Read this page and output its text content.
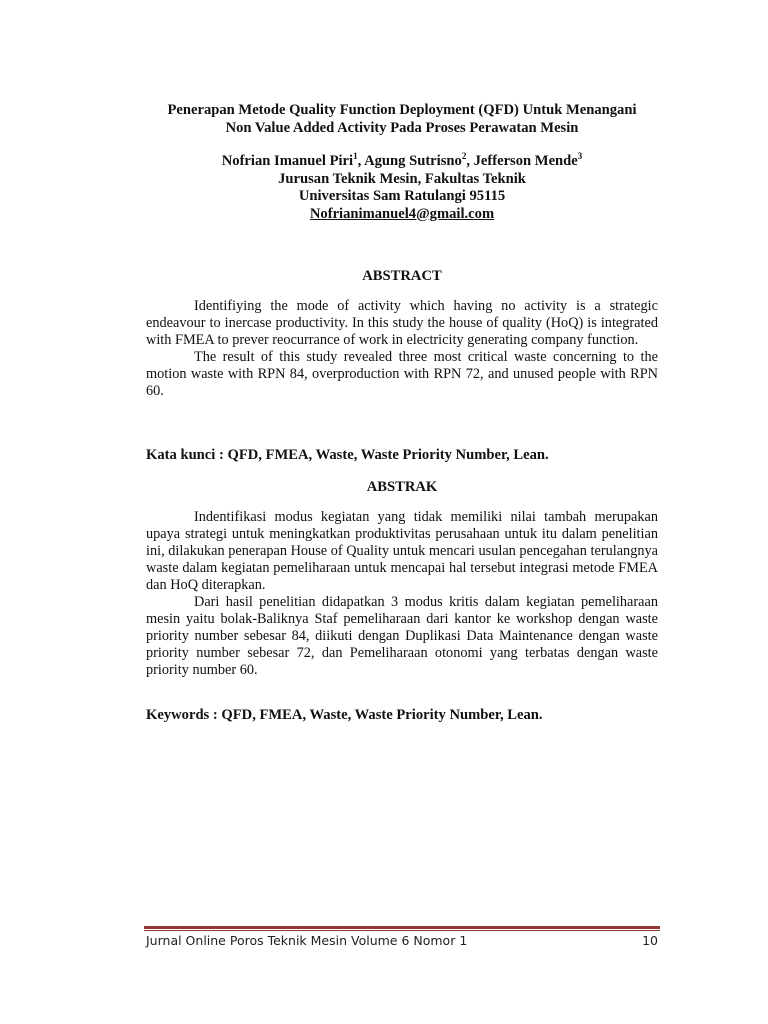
Penerapan Metode Quality Function Deployment (QFD) Untuk Menangani
Non Value Added Activity Pada Proses Perawatan Mesin
Nofrian Imanuel Piri$^1$, Agung Sutrisno$^2$, Jefferson Mende$^3$
Jurusan Teknik Mesin, Fakultas Teknik
Universitas Sam Ratulangi 95115
Nofrianimanuel4@gmail.com
ABSTRACT

Identifiying the mode of activity which having no activity is a strategic endeavour to inercase productivity. In this study the house of quality (HoQ) is integrated with FMEA to prever reocurrance of work in electricity generating company function.

The result of this study revealed three most critical waste concerning to the motion waste with RPN 84, overproduction with RPN 72, and unused people with RPN 60.

Kata kunci : QFD, FMEA, Waste, Waste Priority Number, Lean.
ABSTRAK

Indentifikasi modus kegiatan yang tidak memiliki nilai tambah merupakan upaya strategi untuk meningkatkan produktivitas perusahaan untuk itu dalam penelitian ini, dilakukan penerapan House of Quality untuk mencari usulan pencegahan terulangnya waste dalam kegiatan pemeliharaan untuk mencapai hal tersebut integrasi metode FMEA dan HoQ diterapkan.

Dari hasil penelitian didapatkan 3 modus kritis dalam kegiatan pemeliharaan mesin yaitu bolak-Baliknya Staf pemeliharaan dari kantor ke workshop dengan waste priority number sebesar 84, diikuti dengan Duplikasi Data Maintenance dengan waste priority number sebesar 72, dan Pemeliharaan otonomi yang terbatas dengan waste priority number 60.

Keywords : QFD, FMEA, Waste, Waste Priority Number, Lean.
Jurnal Online Poros Teknik Mesin Volume 6 Nomor 1	10
